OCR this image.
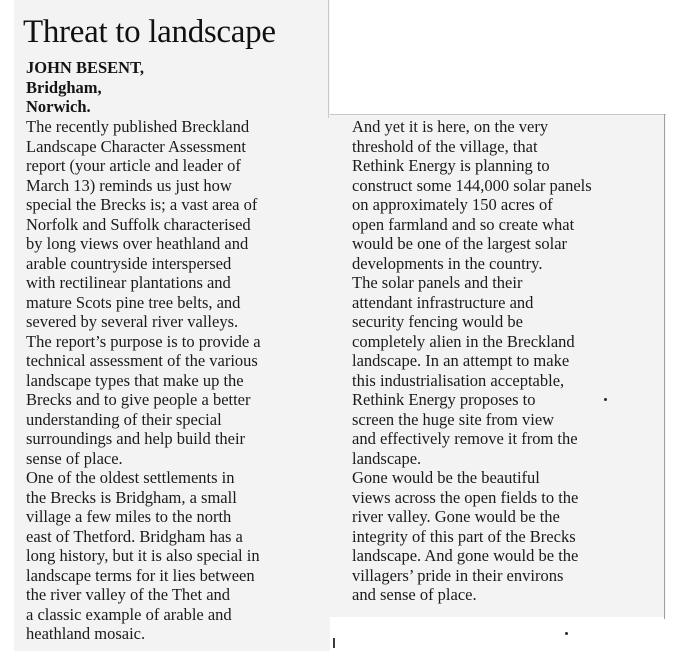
Threat to landscape
JOHN BESENT,
Bridgham,
Norwich.
The recently published Breckland
Landscape Character Assessment
report (your article and leader of
March 13) reminds us just how
special the Brecks is; a vast area of
Norfolk and Suffolk characterised
by long views over heathland and
arable countryside interspersed
with rectilinear plantations and
mature Scots pine tree belts, and
severed by several river valleys.
The report’s purpose is to provide a
technical assessment of the various
landscape types that make up the
Brecks and to give people a better
understanding of their special
surroundings and help build their
sense of place.
One of the oldest settlements in
the Brecks is Bridgham, a small
village a few miles to the north
east of Thetford. Bridgham has a
long history, but it is also special in
landscape terms for it lies between
the river valley of the Thet and
a classic example of arable and
heathland mosaic.
And yet it is here, on the very
threshold of the village, that
Rethink Energy is planning to
construct some 144,000 solar panels
on approximately 150 acres of
open farmland and so create what
would be one of the largest solar
developments in the country.
The solar panels and their
attendant infrastructure and
security fencing would be
completely alien in the Breckland
landscape. In an attempt to make
this industrialisation acceptable,
Rethink Energy proposes to
screen the huge site from view
and effectively remove it from the
landscape.
Gone would be the beautiful
views across the open fields to the
river valley. Gone would be the
integrity of this part of the Brecks
landscape. And gone would be the
villagers’ pride in their environs
and sense of place.
